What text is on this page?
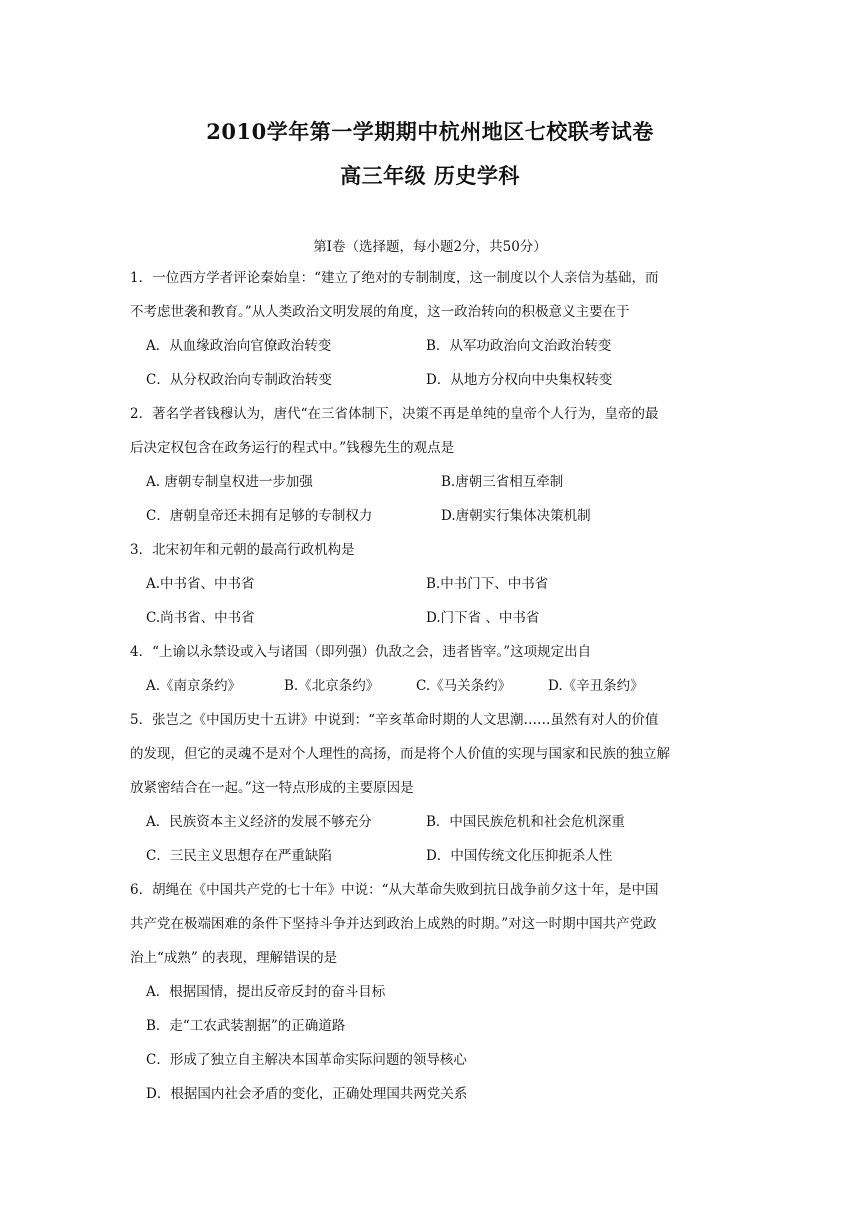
2010学年第一学期期中杭州地区七校联考试卷
高三年级 历史学科
第Ⅰ卷（选择题，每小题2分，共50分）
1．一位西方学者评论秦始皇：“建立了绝对的专制制度，这一制度以个人亲信为基础，而
不考虑世袭和教育。”从人类政治文明发展的角度，这一政治转向的积极意义主要在于
A．从血缘政治向官僚政治转变	B．从军功政治向文治政治转变
C．从分权政治向专制政治转变	D．从地方分权向中央集权转变
2．著名学者钱穆认为，唐代“在三省体制下，决策不再是单纯的皇帝个人行为，皇帝的最
后决定权包含在政务运行的程式中。”钱穆先生的观点是
A. 唐朝专制皇权进一步加强	B.唐朝三省相互牵制
C．唐朝皇帝还未拥有足够的专制权力	D.唐朝实行集体决策机制
3．北宋初年和元朝的最高行政机构是
A.中书省、中书省	B.中书门下、中书省
C.尚书省、中书省	D.门下省 、中书省
4．“上谕以永禁设或入与诸国（即列强）仇敌之会，违者皆宰。”这项规定出自
A.《南京条约》	B.《北京条约》	C.《马关条约》	D.《辛丑条约》
5．张岂之《中国历史十五讲》中说到：“辛亥革命时期的人文思潮……虽然有对人的价值
的发现，但它的灵魂不是对个人理性的高扬，而是将个人价值的实现与国家和民族的独立解
放紧密结合在一起。”这一特点形成的主要原因是
A．民族资本主义经济的发展不够充分	B．中国民族危机和社会危机深重
C．三民主义思想存在严重缺陷	D．中国传统文化压抑扼杀人性
6．胡绳在《中国共产党的七十年》中说：“从大革命失败到抗日战争前夕这十年，是中国
共产党在极端困难的条件下坚持斗争并达到政治上成熟的时期。”对这一时期中国共产党政
治上“成熟” 的表现，理解错误的是
A．根据国情，提出反帝反封的奋斗目标
B．走“工农武装割据”的正确道路
C．形成了独立自主解决本国革命实际问题的领导核心
D．根据国内社会矛盾的变化，正确处理国共两党关系
